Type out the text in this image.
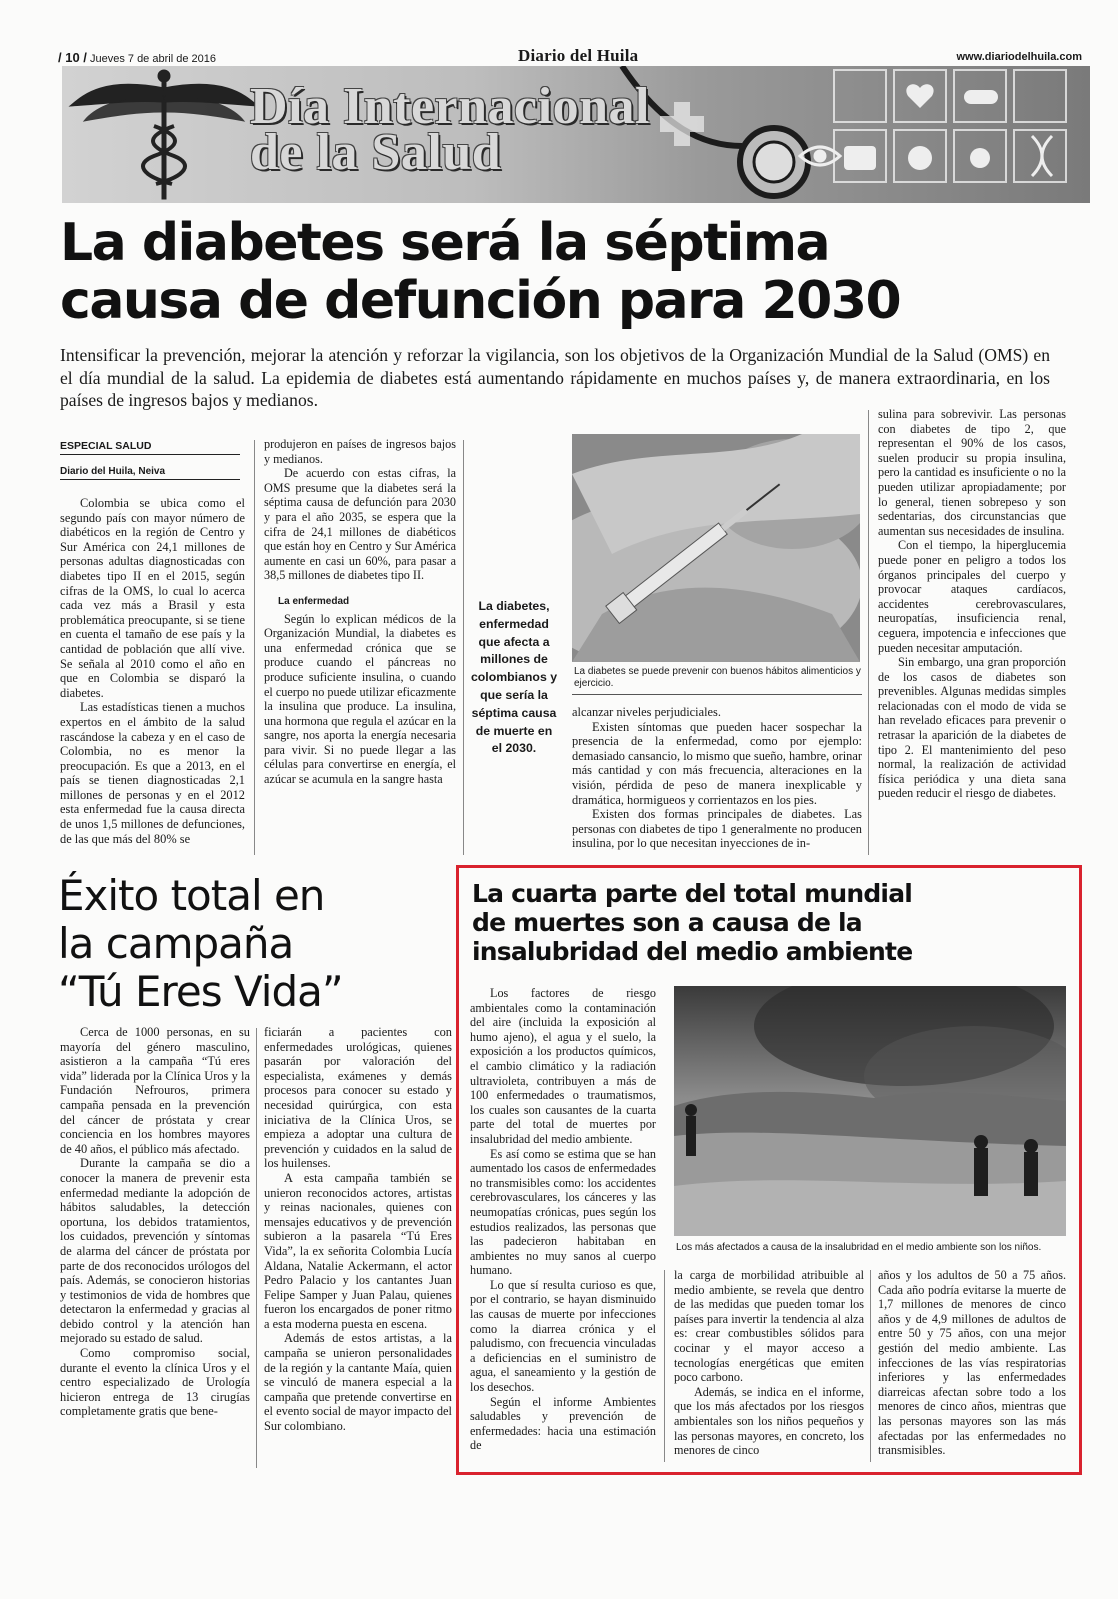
/ 10 / Jueves 7 de abril de 2016	Diario del Huila	www.diariodelhuila.com
Día Internacional
de la Salud
La diabetes será la séptima
causa de defunción para 2030
Intensificar la prevención, mejorar la atención y reforzar la vigilancia, son los objetivos de la Organización Mundial de la Salud (OMS) en el día mundial de la salud. La epidemia de diabetes está aumentando rápidamente en muchos países y, de manera extraordinaria, en los países de ingresos bajos y medianos.
ESPECIAL SALUD
Diario del Huila, Neiva

Colombia se ubica como el segundo país con mayor número de diabéticos en la región de Centro y Sur América con 24,1 millones de personas adultas diagnosticadas con diabetes tipo II en el 2015, según cifras de la OMS, lo cual lo acerca cada vez más a Brasil y esta problemática preocupante, si se tiene en cuenta el tamaño de ese país y la cantidad de población que allí vive. Se señala al 2010 como el año en que en Colombia se disparó la diabetes.

Las estadísticas tienen a muchos expertos en el ámbito de la salud rascándose la cabeza y en el caso de Colombia, no es menor la preocupación. Es que a 2013, en el país se tienen diagnosticadas 2,1 millones de personas y en el 2012 esta enfermedad fue la causa directa de unos 1,5 millones de defunciones, de las que más del 80% se

produjeron en países de ingresos bajos y medianos.

De acuerdo con estas cifras, la OMS presume que la diabetes será la séptima causa de defunción para 2030 y para el año 2035, se espera que la cifra de 24,1 millones de diabéticos que están hoy en Centro y Sur América aumente en casi un 60%, para pasar a 38,5 millones de diabetes tipo II.

La enfermedad

Según lo explican médicos de la Organización Mundial, la diabetes es una enfermedad crónica que se produce cuando el páncreas no produce suficiente insulina, o cuando el cuerpo no puede utilizar eficazmente la insulina que produce. La insulina, una hormona que regula el azúcar en la sangre, nos aporta la energía necesaria para vivir. Si no puede llegar a las células para convertirse en energía, el azúcar se acumula en la sangre hasta

La diabetes, enfermedad que afecta a millones de colombianos y que sería la séptima causa de muerte en el 2030.
La diabetes se puede prevenir con buenos hábitos alimenticios y ejercicio.

alcanzar niveles perjudiciales.

Existen síntomas que pueden hacer sospechar la presencia de la enfermedad, como por ejemplo: demasiado cansancio, lo mismo que sueño, hambre, orinar más cantidad y con más frecuencia, alteraciones en la visión, pérdida de peso de manera inexplicable y dramática, hormigueos y corrientazos en los pies.

Existen dos formas principales de diabetes. Las personas con diabetes de tipo 1 generalmente no producen insulina, por lo que necesitan inyecciones de in-

sulina para sobrevivir. Las personas con diabetes de tipo 2, que representan el 90% de los casos, suelen producir su propia insulina, pero la cantidad es insuficiente o no la pueden utilizar apropiadamente; por lo general, tienen sobrepeso y son sedentarias, dos circunstancias que aumentan sus necesidades de insulina.

Con el tiempo, la hiperglucemia puede poner en peligro a todos los órganos principales del cuerpo y provocar ataques cardíacos, accidentes cerebrovasculares, neuropatías, insuficiencia renal, ceguera, impotencia e infecciones que pueden necesitar amputación.

Sin embargo, una gran proporción de los casos de diabetes son prevenibles. Algunas medidas simples relacionadas con el modo de vida se han revelado eficaces para prevenir o retrasar la aparición de la diabetes de tipo 2. El mantenimiento del peso normal, la realización de actividad física periódica y una dieta sana pueden reducir el riesgo de diabetes.

Éxito total en
la campaña
“Tú Eres Vida”

Cerca de 1000 personas, en su mayoría del género masculino, asistieron a la campaña “Tú eres vida” liderada por la Clínica Uros y la Fundación Nefrouros, primera campaña pensada en la prevención del cáncer de próstata y crear conciencia en los hombres mayores de 40 años, el público más afectado.

Durante la campaña se dio a conocer la manera de prevenir esta enfermedad mediante la adopción de hábitos saludables, la detección oportuna, los debidos tratamientos, los cuidados, prevención y síntomas de alarma del cáncer de próstata por parte de dos reconocidos urólogos del país. Además, se conocieron historias y testimonios de vida de hombres que detectaron la enfermedad y gracias al debido control y la atención han mejorado su estado de salud.

Como compromiso social, durante el evento la clínica Uros y el centro especializado de Urología hicieron entrega de 13 cirugías completamente gratis que bene-

ficiarán a pacientes con enfermedades urológicas, quienes pasarán por valoración del especialista, exámenes y demás procesos para conocer su estado y necesidad quirúrgica, con esta iniciativa de la Clínica Uros, se empieza a adoptar una cultura de prevención y cuidados en la salud de los huilenses.

A esta campaña también se unieron reconocidos actores, artistas y reinas nacionales, quienes con mensajes educativos y de prevención subieron a la pasarela “Tú Eres Vida”, la ex señorita Colombia Lucía Aldana, Natalie Ackermann, el actor Pedro Palacio y los cantantes Juan Felipe Samper y Juan Palau, quienes fueron los encargados de poner ritmo a esta moderna puesta en escena.

Además de estos artistas, a la campaña se unieron personalidades de la región y la cantante Maía, quien se vinculó de manera especial a la campaña que pretende convertirse en el evento social de mayor impacto del Sur colombiano.

La cuarta parte del total mundial
de muertes son a causa de la
insalubridad del medio ambiente

Los factores de riesgo ambientales como la contaminación del aire (incluida la exposición al humo ajeno), el agua y el suelo, la exposición a los productos químicos, el cambio climático y la radiación ultravioleta, contribuyen a más de 100 enfermedades o traumatismos, los cuales son causantes de la cuarta parte del total de muertes por insalubridad del medio ambiente.

Es así como se estima que se han aumentado los casos de enfermedades no transmisibles como: los accidentes cerebrovasculares, los cánceres y las neumopatías crónicas, pues según los estudios realizados, las personas que las padecieron habitaban en ambientes no muy sanos al cuerpo humano.

Lo que sí resulta curioso es que, por el contrario, se hayan disminuido las causas de muerte por infecciones como la diarrea crónica y el paludismo, con frecuencia vinculadas a deficiencias en el suministro de agua, el saneamiento y la gestión de los desechos.

Según el informe Ambientes saludables y prevención de enfermedades: hacia una estimación de

Los más afectados a causa de la insalubridad en el medio ambiente son los niños.

la carga de morbilidad atribuible al medio ambiente, se revela que dentro de las medidas que pueden tomar los países para invertir la tendencia al alza es: crear combustibles sólidos para cocinar y el mayor acceso a tecnologías energéticas que emiten poco carbono.

Además, se indica en el informe, que los más afectados por los riesgos ambientales son los niños pequeños y las personas mayores, en concreto, los menores de cinco

años y los adultos de 50 a 75 años. Cada año podría evitarse la muerte de 1,7 millones de menores de cinco años y de 4,9 millones de adultos de entre 50 y 75 años, con una mejor gestión del medio ambiente. Las infecciones de las vías respiratorias inferiores y las enfermedades diarreicas afectan sobre todo a los menores de cinco años, mientras que las personas mayores son las más afectadas por las enfermedades no transmisibles.
